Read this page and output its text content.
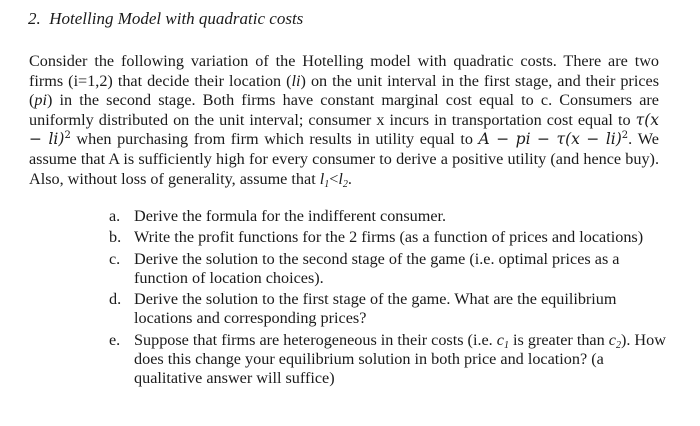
2. Hotelling Model with quadratic costs
Consider the following variation of the Hotelling model with quadratic costs. There are two firms (i=1,2) that decide their location (li) on the unit interval in the first stage, and their prices (pi) in the second stage. Both firms have constant marginal cost equal to c. Consumers are uniformly distributed on the unit interval; consumer x incurs in transportation cost equal to τ(x − li)$^2$ when purchasing from firm which results in utility equal to A − pi − τ(x − li)$^2$. We assume that A is sufficiently high for every consumer to derive a positive utility (and hence buy). Also, without loss of generality, assume that $l_1<l_2$.
a. Derive the formula for the indifferent consumer.
b. Write the profit functions for the 2 firms (as a function of prices and locations)
c. Derive the solution to the second stage of the game (i.e. optimal prices as a function of location choices).
d. Derive the solution to the first stage of the game. What are the equilibrium locations and corresponding prices?
e. Suppose that firms are heterogeneous in their costs (i.e. $c_1$ is greater than $c_2$). How does this change your equilibrium solution in both price and location? (a qualitative answer will suffice)
